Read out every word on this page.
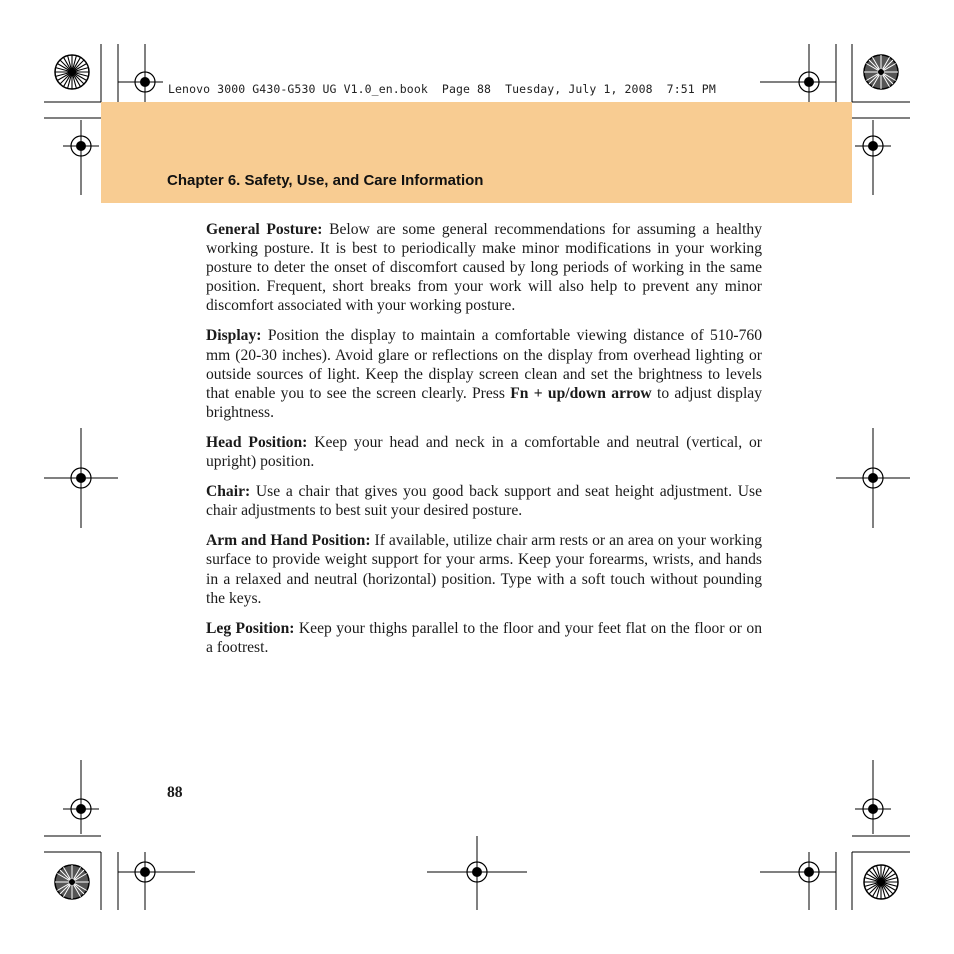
Lenovo 3000 G430-G530 UG V1.0_en.book  Page 88  Tuesday, July 1, 2008  7:51 PM
Chapter 6. Safety, Use, and Care Information

General Posture: Below are some general recommendations for assuming a healthy working posture. It is best to periodically make minor modifications in your working posture to deter the onset of discomfort caused by long periods of working in the same position. Frequent, short breaks from your work will also help to prevent any minor discomfort associated with your working posture.

Display: Position the display to maintain a comfortable viewing distance of 510-760 mm (20-30 inches). Avoid glare or reflections on the display from overhead lighting or outside sources of light. Keep the display screen clean and set the brightness to levels that enable you to see the screen clearly. Press Fn + up/down arrow to adjust display brightness.

Head Position: Keep your head and neck in a comfortable and neutral (vertical, or upright) position.

Chair: Use a chair that gives you good back support and seat height adjustment. Use chair adjustments to best suit your desired posture.

Arm and Hand Position: If available, utilize chair arm rests or an area on your working surface to provide weight support for your arms. Keep your forearms, wrists, and hands in a relaxed and neutral (horizontal) position. Type with a soft touch without pounding the keys.

Leg Position: Keep your thighs parallel to the floor and your feet flat on the floor or on a footrest.

88
